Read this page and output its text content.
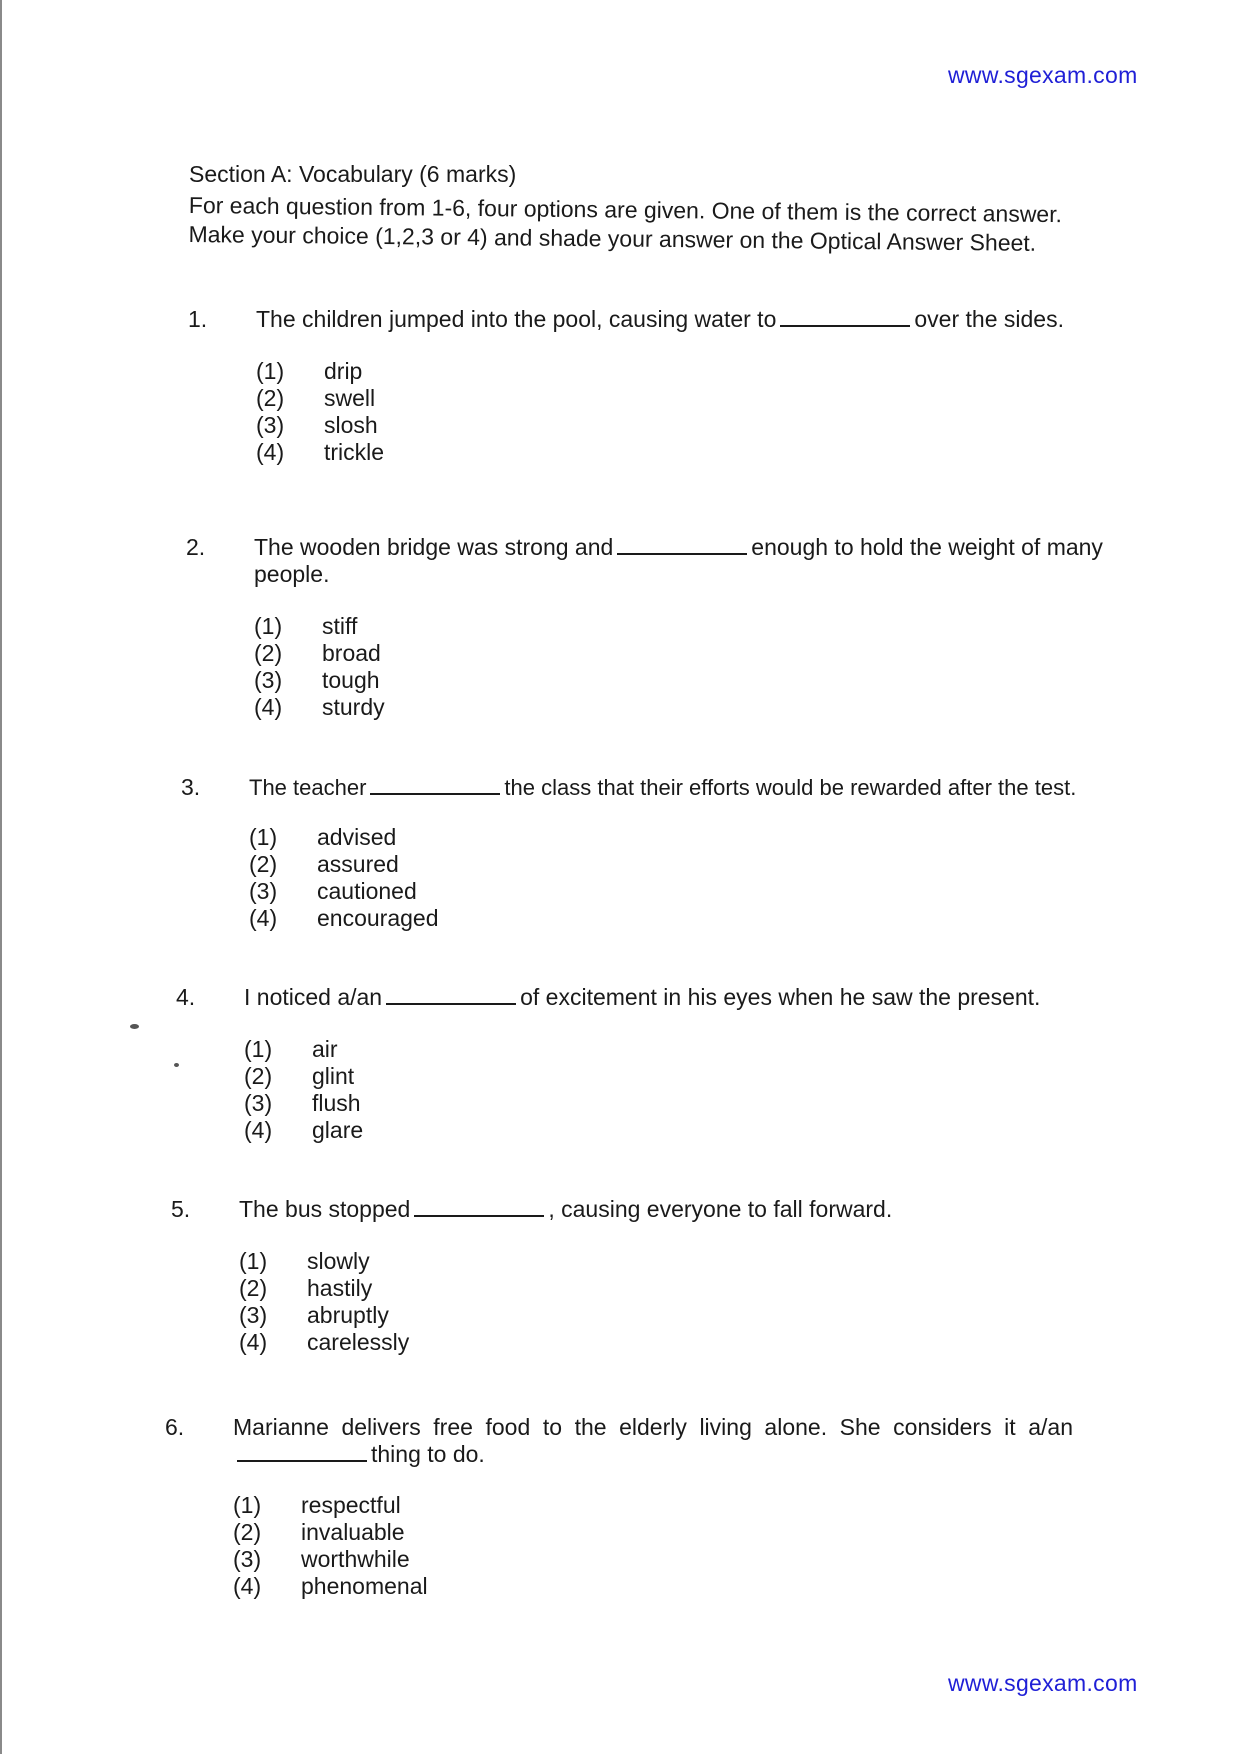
www.sgexam.com
Section A: Vocabulary (6 marks)
For each question from 1-6, four options are given. One of them is the correct answer. Make your choice (1,2,3 or 4) and shade your answer on the Optical Answer Sheet.
1. The children jumped into the pool, causing water to	over the sides.
(1) drip
(2) swell
(3) slosh
(4) trickle
2. The wooden bridge was strong and	enough to hold the weight of many people.
(1) stiff
(2) broad
(3) tough
(4) sturdy
3. The teacher	the class that their efforts would be rewarded after the test.
(1) advised
(2) assured
(3) cautioned
(4) encouraged
4. I noticed a/an	of excitement in his eyes when he saw the present.
(1) air
(2) glint
(3) flush
(4) glare
5. The bus stopped	, causing everyone to fall forward.
(1) slowly
(2) hastily
(3) abruptly
(4) carelessly
6. Marianne delivers free food to the elderly living alone. She considers it a/anthing to do.
(1) respectful
(2) invaluable
(3) worthwhile
(4) phenomenal
www.sgexam.com
